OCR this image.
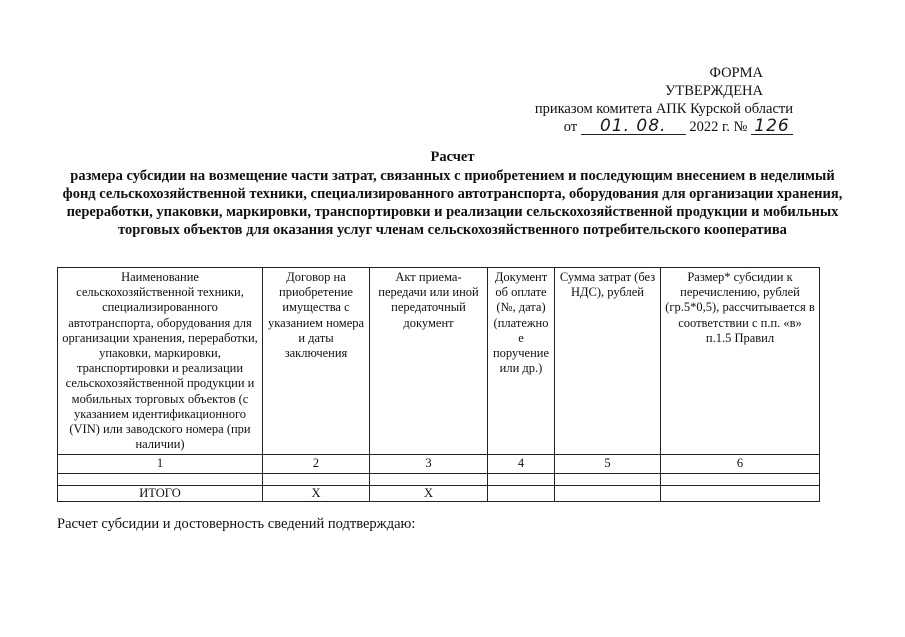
ФОРМА
УТВЕРЖДЕНА
приказом комитета АПК Курской области
от 01. 08. 2022 г. № 126
Расчет
размера субсидии на возмещение части затрат, связанных с приобретением и последующим внесением в неделимый фонд сельскохозяйственной техники, специализированного автотранспорта, оборудования для организации хранения, переработки, упаковки, маркировки, транспортировки и реализации сельскохозяйственной продукции и мобильных торговых объектов для оказания услуг членам сельскохозяйственного потребительского кооператива
Наименование сельскохозяйственной техники, специализированного автотранспорта, оборудования для организации хранения, переработки, упаковки, маркировки, транспортировки и реализации сельскохозяйственной продукции и мобильных торговых объектов (с указанием идентификационного (VIN) или заводского номера (при наличии)	Договор на приобретение имущества с указанием номера и даты заключения	Акт приема-передачи или иной передаточный документ	Документ об оплате (№, дата) (платежное поручение или др.)	Сумма затрат (без НДС), рублей	Размер* субсидии к перечислению, рублей (гр.5*0,5), рассчитывается в соответствии с п.п. «в» п.1.5 Правил
1	2	3	4	5	6

ИТОГО	Х	Х			
Расчет субсидии и достоверность сведений подтверждаю:
